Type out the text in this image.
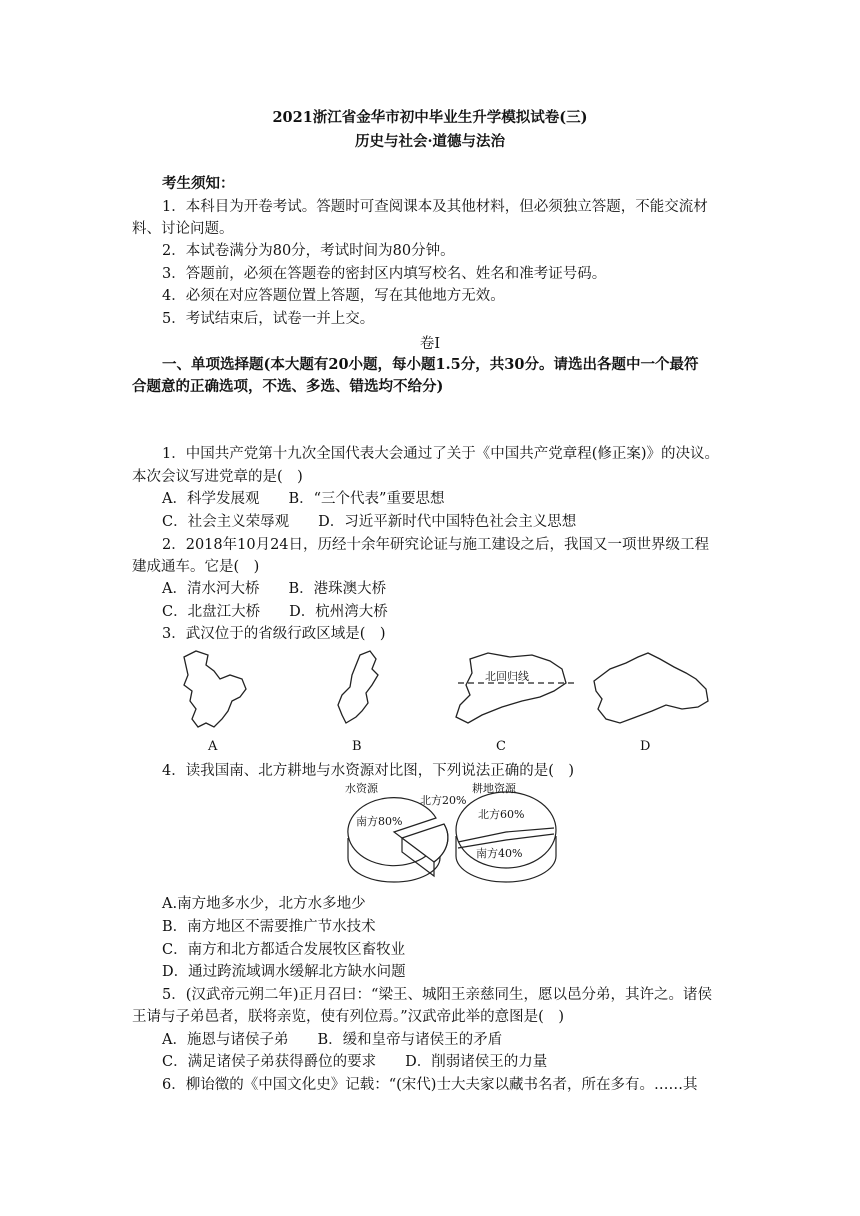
2021浙江省金华市初中毕业生升学模拟试卷(三)
历史与社会·道德与法治
考生须知：
1．本科目为开卷考试。答题时可查阅课本及其他材料，但必须独立答题，不能交流材
料、讨论问题。
2．本试卷满分为80分，考试时间为80分钟。
3．答题前，必须在答题卷的密封区内填写校名、姓名和准考证号码。
4．必须在对应答题位置上答题，写在其他地方无效。
5．考试结束后，试卷一并上交。
卷Ⅰ
一、单项选择题(本大题有20小题，每小题1.5分，共30分。请选出各题中一个最符
合题意的正确选项，不选、多选、错选均不给分)
1．中国共产党第十九次全国代表大会通过了关于《中国共产党章程(修正案)》的决议。
本次会议写进党章的是(　)
A．科学发展观　　B．“三个代表”重要思想
C．社会主义荣辱观　　D．习近平新时代中国特色社会主义思想
2．2018年10月24日，历经十余年研究论证与施工建设之后，我国又一项世界级工程
建成通车。它是(　)
A．清水河大桥　　B．港珠澳大桥
C．北盘江大桥　　D．杭州湾大桥
3．武汉位于的省级行政区域是(　)
北回归线
A	B	C	D
4．读我国南、北方耕地与水资源对比图，下列说法正确的是(　)
水资源	耕地资源
北方20%
南方80%
北方60%
南方40%
A.南方地多水少，北方水多地少
B．南方地区不需要推广节水技术
C．南方和北方都适合发展牧区畜牧业
D．通过跨流域调水缓解北方缺水问题
5．(汉武帝元朔二年)正月召曰：“梁王、城阳王亲慈同生，愿以邑分弟，其许之。诸侯
王请与子弟邑者，朕将亲览，使有列位焉。”汉武帝此举的意图是(　)
A．施恩与诸侯子弟　　B．缓和皇帝与诸侯王的矛盾
C．满足诸侯子弟获得爵位的要求　　D．削弱诸侯王的力量
6．柳诒徵的《中国文化史》记载：“(宋代)士大夫家以藏书名者，所在多有。……其
